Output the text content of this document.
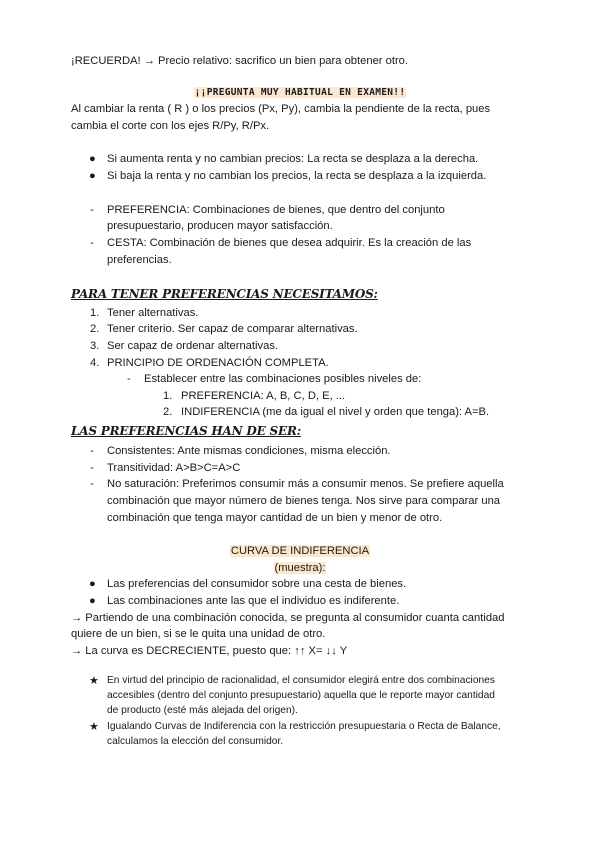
¡RECUERDA! → Precio relativo: sacrifico un bien para obtener otro.
¡¡PREGUNTA MUY HABITUAL EN EXAMEN!!
Al cambiar la renta ( R ) o los precios (Px, Py), cambia la pendiente de la recta, pues
cambia el corte con los ejes R/Py, R/Px.
● Si aumenta renta y no cambian precios: La recta se desplaza a la derecha.
● Si baja la renta y no cambian los precios, la recta se desplaza a la izquierda.
- PREFERENCIA: Combinaciones de bienes, que dentro del conjunto
presupuestario, producen mayor satisfacción.
- CESTA: Combinación de bienes que desea adquirir. Es la creación de las
preferencias.
PARA TENER PREFERENCIAS NECESITAMOS:
1. Tener alternativas.
2. Tener criterio. Ser capaz de comparar alternativas.
3. Ser capaz de ordenar alternativas.
4. PRINCIPIO DE ORDENACIÓN COMPLETA.
- Establecer entre las combinaciones posibles niveles de:
1. PREFERENCIA: A, B, C, D, E, ...
2. INDIFERENCIA (me da igual el nivel y orden que tenga): A=B.
LAS PREFERENCIAS HAN DE SER:
- Consistentes: Ante mismas condiciones, misma elección.
- Transitividad: A>B>C=A>C
- No saturación: Preferimos consumir más a consumir menos. Se prefiere aquella
combinación que mayor número de bienes tenga. Nos sirve para comparar una
combinación que tenga mayor cantidad de un bien y menor de otro.
CURVA DE INDIFERENCIA
(muestra):
● Las preferencias del consumidor sobre una cesta de bienes.
● Las combinaciones ante las que el individuo es indiferente.
→ Partiendo de una combinación conocida, se pregunta al consumidor cuanta cantidad
quiere de un bien, si se le quita una unidad de otro.
→ La curva es DECRECIENTE, puesto que: ↑↑ X= ↓↓ Y
★ En virtud del principio de racionalidad, el consumidor elegirá entre dos combinaciones
accesibles (dentro del conjunto presupuestario) aquella que le reporte mayor cantidad
de producto (esté más alejada del origen).
★ Igualando Curvas de Indiferencia con la restricción presupuestaria o Recta de Balance,
calculamos la elección del consumidor.
